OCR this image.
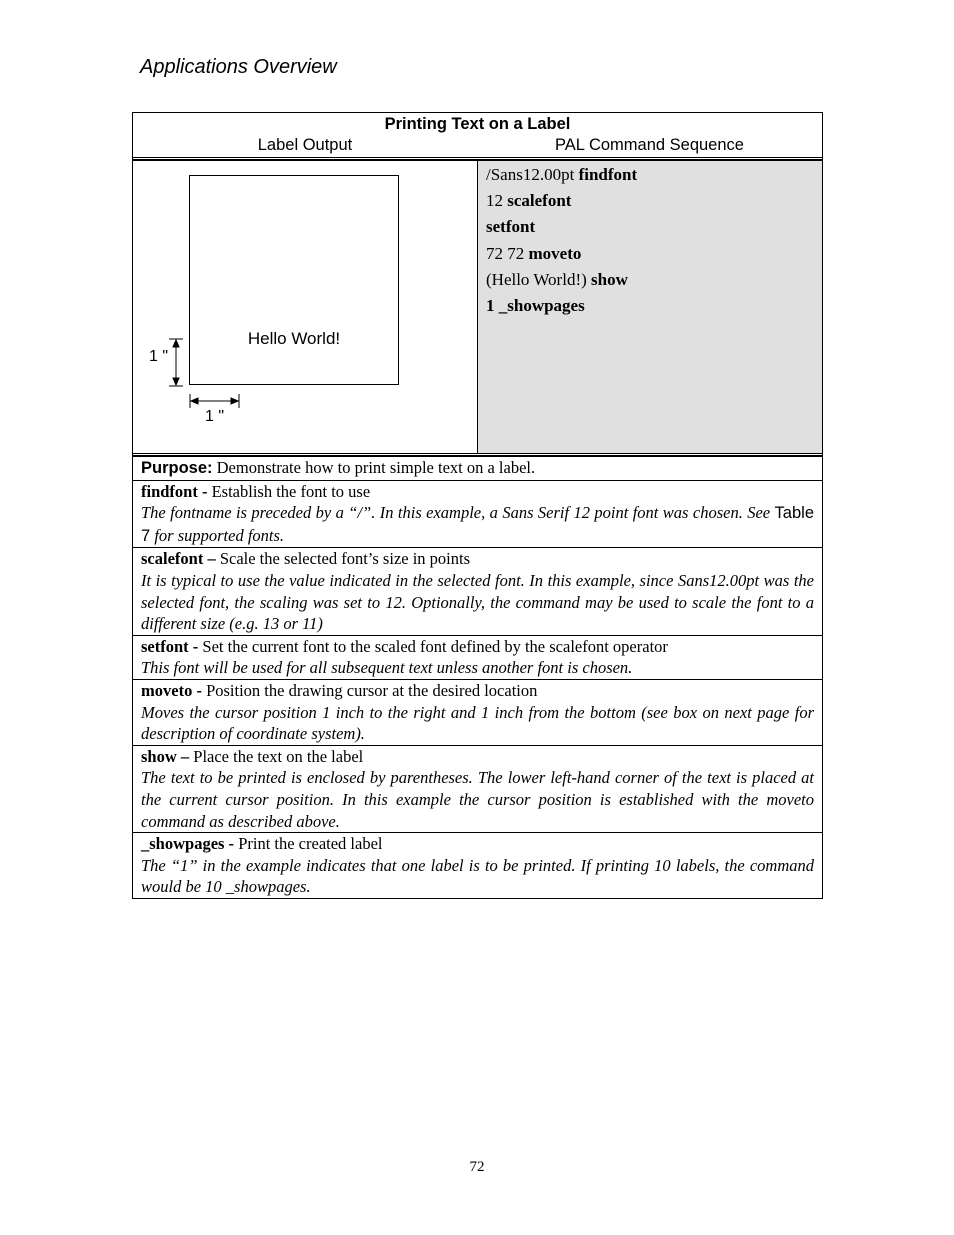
Applications Overview
Printing Text on a Label
Label Output	PAL Command Sequence
Hello World!
1 "
1 "
/Sans12.00pt findfont
12 scalefont
setfont
72 72 moveto
(Hello World!) show
1 _showpages
Purpose: Demonstrate how to print simple text on a label.
findfont - Establish the font to use
The fontname is preceded by a “/”. In this example, a Sans Serif 12 point font was chosen. See Table 7 for supported fonts.
scalefont – Scale the selected font’s size in points
It is typical to use the value indicated in the selected font. In this example, since Sans12.00pt was the selected font, the scaling was set to 12. Optionally, the command may be used to scale the font to a different size (e.g. 13 or 11)
setfont - Set the current font to the scaled font defined by the scalefont operator
This font will be used for all subsequent text unless another font is chosen.
moveto - Position the drawing cursor at the desired location
Moves the cursor position 1 inch to the right and 1 inch from the bottom (see box on next page for description of coordinate system).
show – Place the text on the label
The text to be printed is enclosed by parentheses. The lower left-hand corner of the text is placed at the current cursor position. In this example the cursor position is established with the moveto command as described above.
_showpages - Print the created label
The “1” in the example indicates that one label is to be printed. If printing 10 labels, the command would be 10 _showpages.
72
